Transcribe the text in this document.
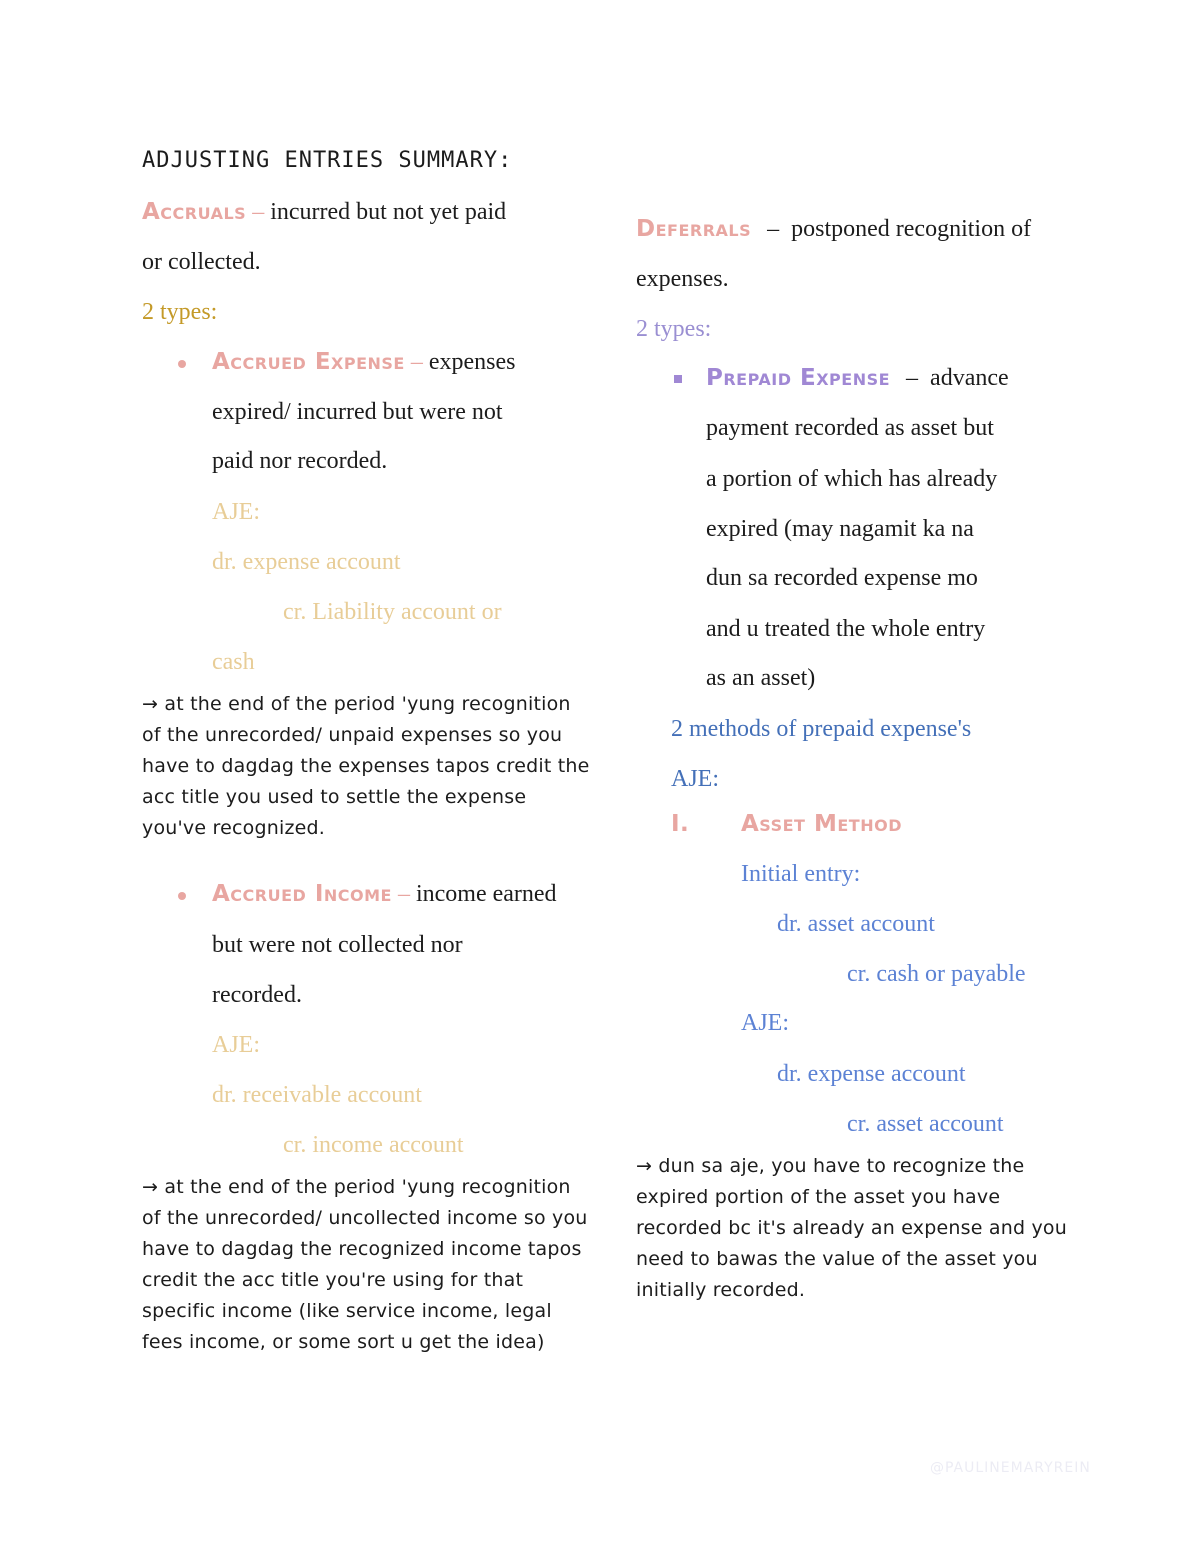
ADJUSTING ENTRIES SUMMARY:
Accruals – incurred but not yet paid
or collected.
2 types:
Accrued Expense – expenses
expired/ incurred but were not
paid nor recorded.
AJE:
dr. expense account
cr. Liability account or
cash
→ at the end of the period 'yung recognition
of the unrecorded/ unpaid expenses so you
have to dagdag the expenses tapos credit the
acc title you used to settle the expense
you've recognized.
Accrued Income – income earned
but were not collected nor
recorded.
AJE:
dr. receivable account
cr. income account
→ at the end of the period 'yung recognition
of the unrecorded/ uncollected income so you
have to dagdag the recognized income tapos
credit the acc title you're using for that
specific income (like service income, legal
fees income, or some sort u get the idea)
Deferrals – postponed recognition of
expenses.
2 types:
Prepaid Expense – advance
payment recorded as asset but
a portion of which has already
expired (may nagamit ka na
dun sa recorded expense mo
and u treated the whole entry
as an asset)
2 methods of prepaid expense's
AJE:
I. Asset Method
Initial entry:
dr. asset account
cr. cash or payable
AJE:
dr. expense account
cr. asset account
→ dun sa aje, you have to recognize the
expired portion of the asset you have
recorded bc it's already an expense and you
need to bawas the value of the asset you
initially recorded.
@PAULINEMARYREIN
